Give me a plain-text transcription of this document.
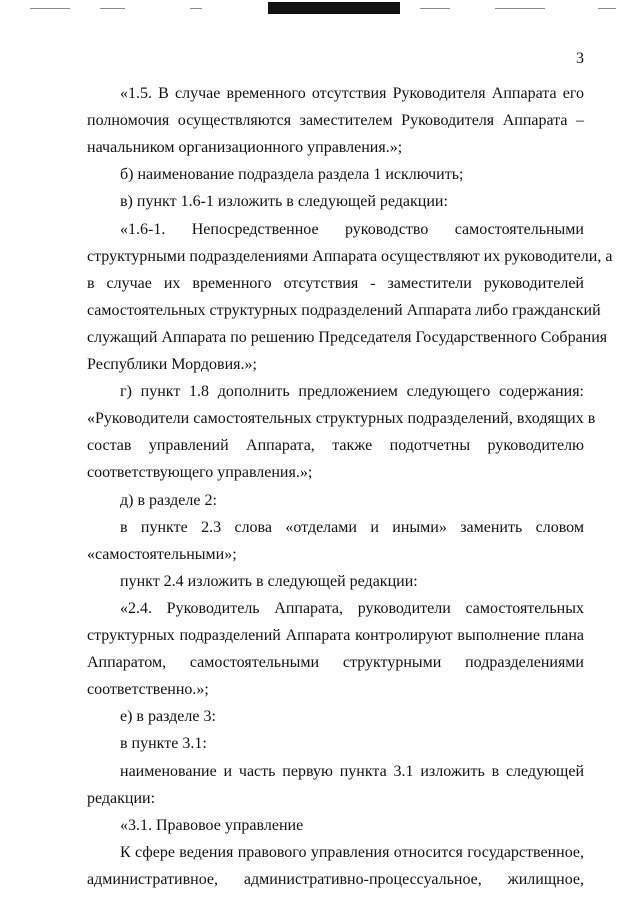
3
«1.5. В случае временного отсутствия Руководителя Аппарата его
полномочия осуществляются заместителем Руководителя Аппарата –
начальником организационного управления.»;
б) наименование подраздела раздела 1 исключить;
в) пункт 1.6-1 изложить в следующей редакции:
«1.6-1. Непосредственное руководство самостоятельными
структурными подразделениями Аппарата осуществляют их руководители, а
в случае их временного отсутствия - заместители руководителей
самостоятельных структурных подразделений Аппарата либо гражданский
служащий Аппарата по решению Председателя Государственного Собрания
Республики Мордовия.»;
г) пункт 1.8 дополнить предложением следующего содержания:
«Руководители самостоятельных структурных подразделений, входящих в
состав управлений Аппарата, также подотчетны руководителю
соответствующего управления.»;
д) в разделе 2:
в пункте 2.3 слова «отделами и иными» заменить словом
«самостоятельными»;
пункт 2.4 изложить в следующей редакции:
«2.4. Руководитель Аппарата, руководители самостоятельных
структурных подразделений Аппарата контролируют выполнение плана
Аппаратом, самостоятельными структурными подразделениями
соответственно.»;
е) в разделе 3:
в пункте 3.1:
наименование и часть первую пункта 3.1 изложить в следующей
редакции:
«3.1. Правовое управление
К сфере ведения правового управления относится государственное,
административное, административно-процессуальное, жилищное,
